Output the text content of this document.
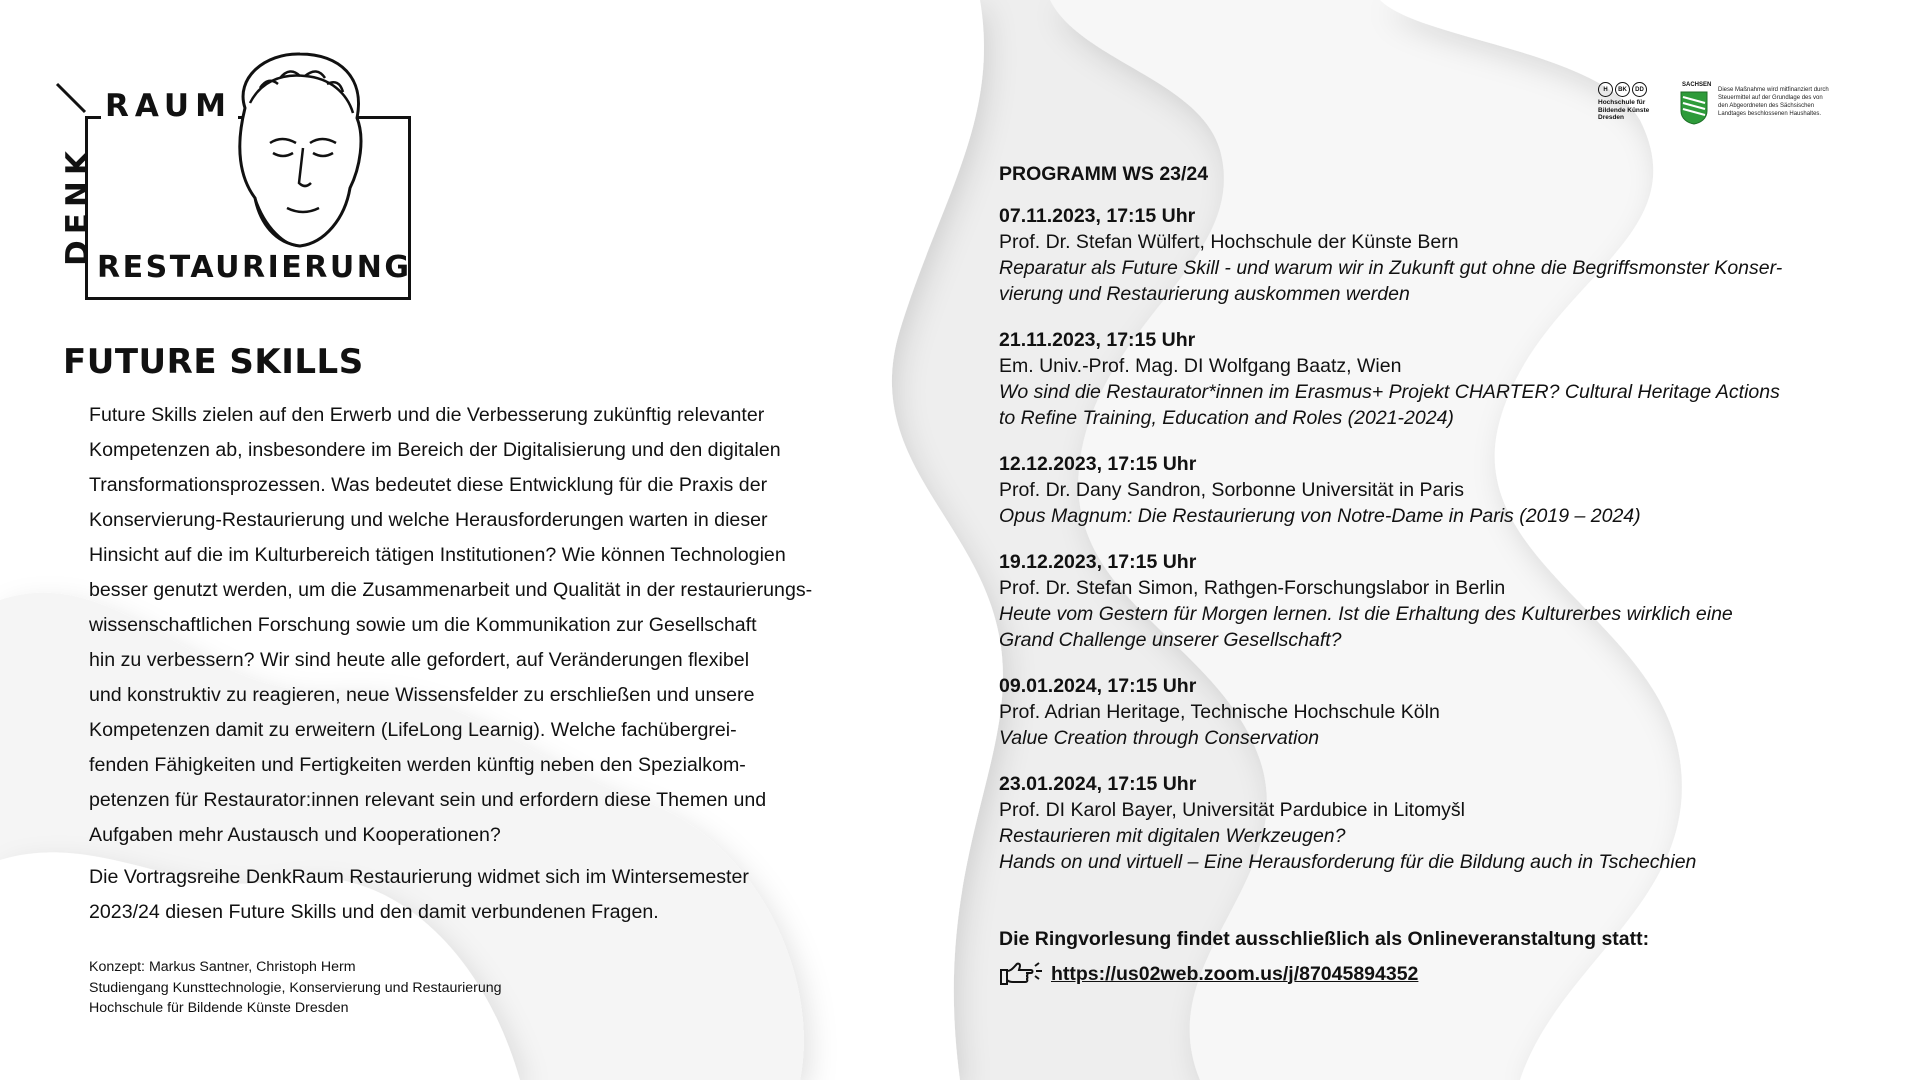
RAUM
DENK
RESTAURIERUNG
FUTURE SKILLS
Future Skills zielen auf den Erwerb und die Verbesserung zukünftig relevanter
Kompetenzen ab, insbesondere im Bereich der Digitalisierung und den digitalen
Transformationsprozessen. Was bedeutet diese Entwicklung für die Praxis der
Konservierung-Restaurierung und welche Herausforderungen warten in dieser
Hinsicht auf die im Kulturbereich tätigen Institutionen? Wie können Technologien
besser genutzt werden, um die Zusammenarbeit und Qualität in der restaurierungs-
wissenschaftlichen Forschung sowie um die Kommunikation zur Gesellschaft
hin zu verbessern? Wir sind heute alle gefordert, auf Veränderungen flexibel
und konstruktiv zu reagieren, neue Wissensfelder zu erschließen und unsere
Kompetenzen damit zu erweitern (LifeLong Learnig). Welche fachübergrei-
fenden Fähigkeiten und Fertigkeiten werden künftig neben den Spezialkom-
petenzen für Restaurator:innen relevant sein und erfordern diese Themen und
Aufgaben mehr Austausch und Kooperationen?
Die Vortragsreihe DenkRaum Restaurierung widmet sich im Wintersemester
2023/24 diesen Future Skills und den damit verbundenen Fragen.
Konzept: Markus Santner, Christoph Herm
Studiengang Kunsttechnologie, Konservierung und Restaurierung
Hochschule für Bildende Künste Dresden
H	BK	DD
Hochschule für
Bildende Künste
Dresden
SACHSEN
Diese Maßnahme wird mitfinanziert durch
Steuermittel auf der Grundlage des von
den Abgeordneten des Sächsischen
Landtages beschlossenen Haushaltes.
PROGRAMM WS 23/24
07.11.2023, 17:15 Uhr
Prof. Dr. Stefan Wülfert, Hochschule der Künste Bern
Reparatur als Future Skill - und warum wir in Zukunft gut ohne die Begriffsmonster Konser-
vierung und Restaurierung auskommen werden
21.11.2023, 17:15 Uhr
Em. Univ.-Prof. Mag. DI Wolfgang Baatz, Wien
Wo sind die Restaurator*innen im Erasmus+ Projekt CHARTER? Cultural Heritage Actions
to Refine Training, Education and Roles (2021-2024)
12.12.2023, 17:15 Uhr
Prof. Dr. Dany Sandron, Sorbonne Universität in Paris
Opus Magnum: Die Restaurierung von Notre-Dame in Paris (2019 – 2024)
19.12.2023, 17:15 Uhr
Prof. Dr. Stefan Simon, Rathgen-Forschungslabor in Berlin
Heute vom Gestern für Morgen lernen. Ist die Erhaltung des Kulturerbes wirklich eine
Grand Challenge unserer Gesellschaft?
09.01.2024, 17:15 Uhr
Prof. Adrian Heritage, Technische Hochschule Köln
Value Creation through Conservation
23.01.2024, 17:15 Uhr
Prof. DI Karol Bayer, Universität Pardubice in Litomyšl
Restaurieren mit digitalen Werkzeugen?
Hands on und virtuell – Eine Herausforderung für die Bildung auch in Tschechien
Die Ringvorlesung findet ausschließlich als Onlineveranstaltung statt:
https://us02web.zoom.us/j/87045894352
